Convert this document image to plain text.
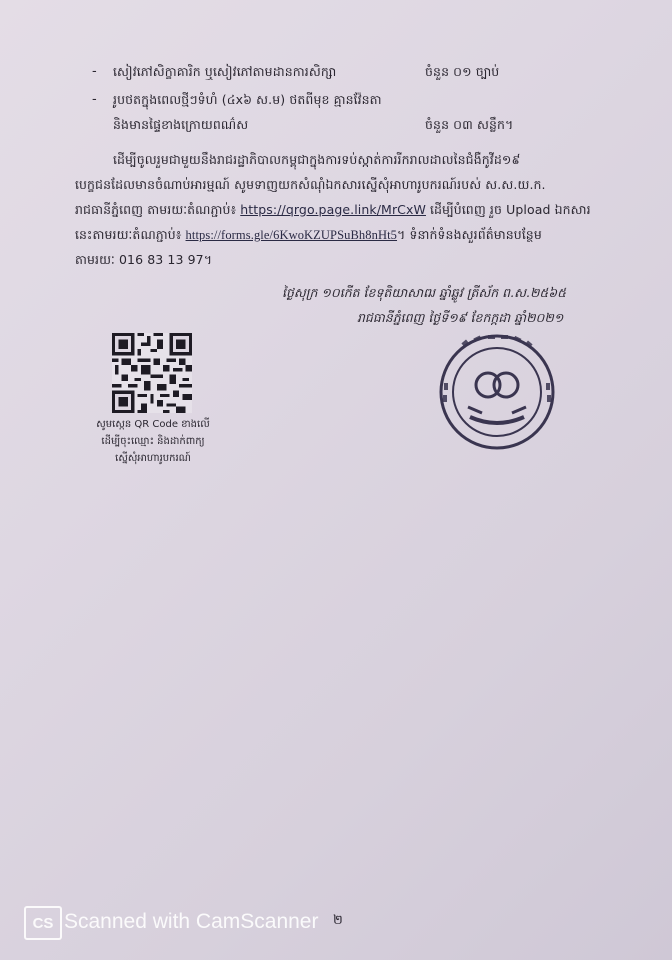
- សៀវភៅសិក្ខាគារិក ឬសៀវភៅតាមដានការសិក្សា	ចំនួន ០១ ច្បាប់
- រូបថតក្នុងពេលថ្មីៗទំហំ (៤x៦ ស.ម) ថតពីមុខ គ្មានវ៉ែនតា
និងមានផ្ទៃខាងក្រោយពណ៌ស	ចំនួន ០៣ សន្លឹក។
ដើម្បីចូលរួមជាមួយនឹងរាជរដ្ឋាភិបាលកម្ពុជាក្នុងការទប់ស្កាត់ការរីករាលដាលនៃជំងឺកូវីដ១៩
បេក្ខជនដែលមានចំណាប់អារម្មណ៍ សូមទាញយកសំណុំឯកសារស្នើសុំអាហារូបករណ៍របស់ ស.ស.យ.ក.
រាជធានីភ្នំពេញ តាមរយៈតំណភ្ជាប់៖ https://qrgo.page.link/MrCxW ដើម្បីបំពេញ រួច Upload ឯកសារ
នេះតាមរយៈតំណភ្ជាប់៖ https://forms.gle/6KwoKZUPSuBh8nHt5។ ទំនាក់ទំនងសួរព័ត៌មានបន្ថែម
តាមរយៈ 016 83 13 97។
ថ្ងៃសុក្រ ១០កើត ខែទុតិយាសាឍ ឆ្នាំឆ្លូវ ត្រីស័ក ព.ស.២៥៦៥
រាជធានីភ្នំពេញ ថ្ងៃទី១៩ ខែកក្កដា ឆ្នាំ២០២១
សូមស្កេន QR Code ខាងលើ
ដើម្បីចុះឈ្មោះ និងដាក់ពាក្យ
ស្នើសុំអាហារូបករណ៍
CS Scanned with CamScanner ២
